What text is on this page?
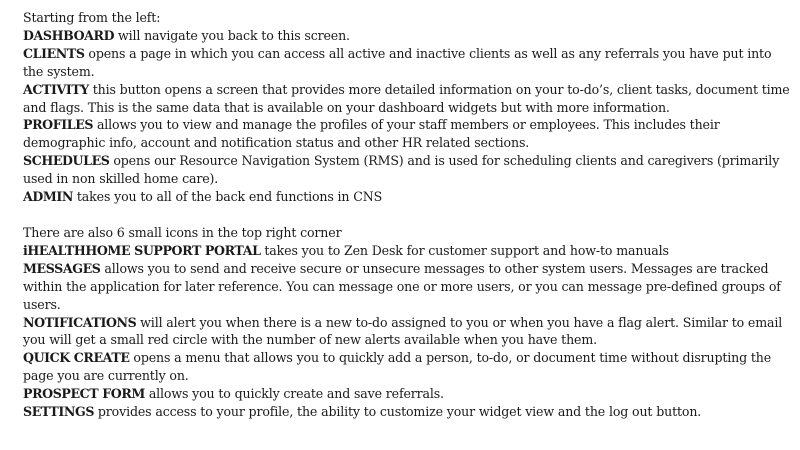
Starting from the left:

DASHBOARD will navigate you back to this screen.

CLIENTS opens a page in which you can access all active and inactive clients as well as any referrals you have put into the system.

ACTIVITY this button opens a screen that provides more detailed information on your to-do’s, client tasks, document time and flags. This is the same data that is available on your dashboard widgets but with more information.

PROFILES allows you to view and manage the profiles of your staff members or employees. This includes their demographic info, account and notification status and other HR related sections.

SCHEDULES opens our Resource Navigation System (RMS) and is used for scheduling clients and caregivers (primarily used in non skilled home care).

ADMIN takes you to all of the back end functions in CNS

There are also 6 small icons in the top right corner

iHEALTHHOME SUPPORT PORTAL takes you to Zen Desk for customer support and how-to manuals

MESSAGES allows you to send and receive secure or unsecure messages to other system users. Messages are tracked within the application for later reference. You can message one or more users, or you can message pre-defined groups of users.

NOTIFICATIONS will alert you when there is a new to-do assigned to you or when you have a flag alert. Similar to email you will get a small red circle with the number of new alerts available when you have them.

QUICK CREATE opens a menu that allows you to quickly add a person, to-do, or document time without disrupting the page you are currently on.

PROSPECT FORM allows you to quickly create and save referrals.

SETTINGS provides access to your profile, the ability to customize your widget view and the log out button.
